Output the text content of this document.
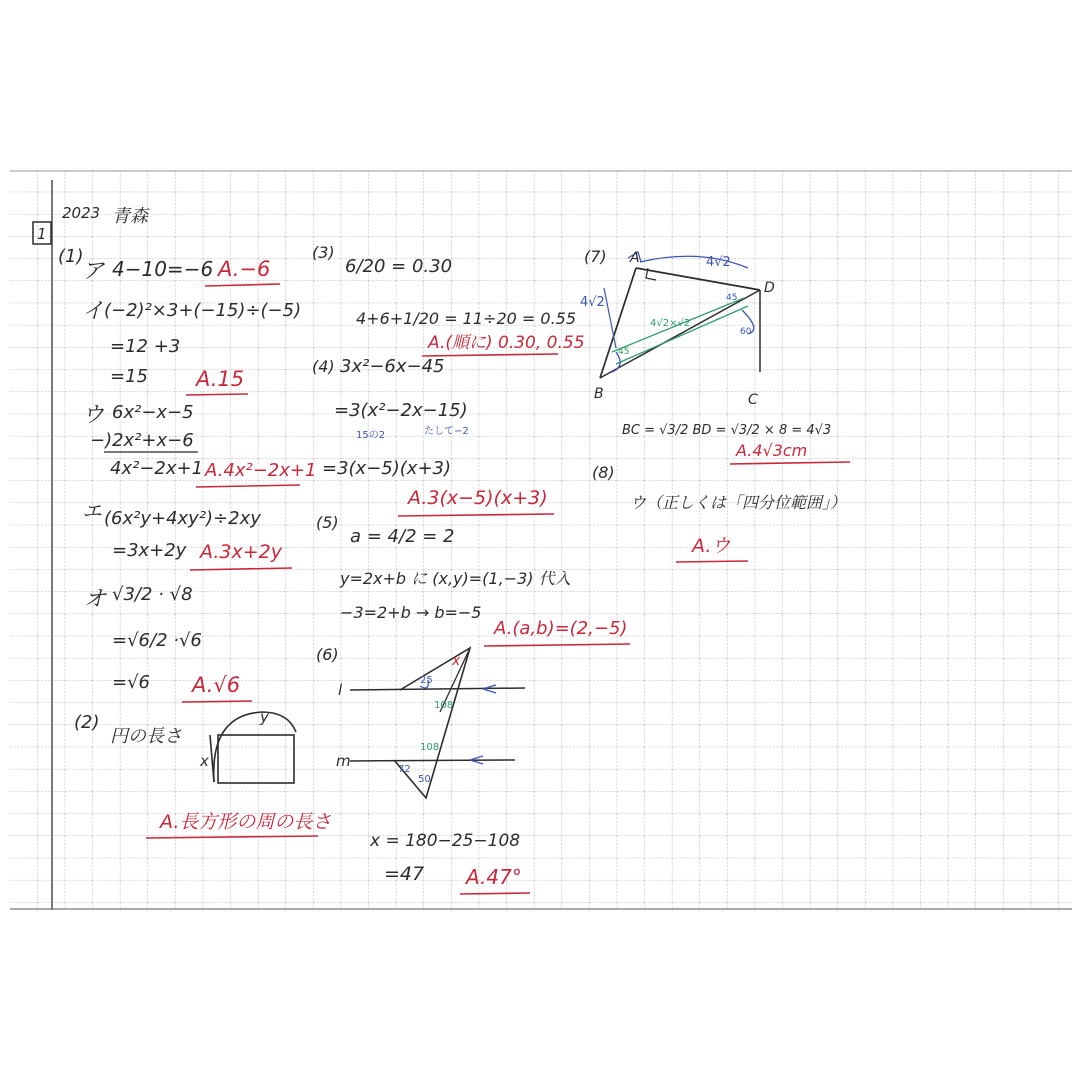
2023 青森
1
(1)
ア 4−10=−6 A.−6
イ (−2)²×3+(−15)÷(−5)
=12 +3
=15 A.15
ウ 6x²−x−5
−)2x²+x−6
4x²−2x+1 A.4x²−2x+1
エ (6x²y+4xy²)÷2xy
=3x+2y A.3x+2y
オ √3/2 · √8
=√6/2 ·√6
=√6 A.√6
(2)
円の長さ
x
y
A.長方形の周の長さ
(3)
6/20 = 0.30
4+6+1/20 = 11÷20 = 0.55
A.(順に) 0.30, 0.55
(4) 3x²−6x−45
=3(x²−2x−15)
15の2	たして−2
=3(x−5)(x+3)
A.3(x−5)(x+3)
(5)
a = 4/2 = 2
y=2x+b に (x,y)=(1,−3) 代入
−3=2+b → b=−5
A.(a,b)=(2,−5)
(6)
l
m
x
25
108
108
72
50
x = 180−25−108
=47 A.47°
(7) A
B	C
D
4√2
4√2
4√2×√2
45
45
60
BC = √3/2 BD = √3/2 × 8 = 4√3
A.4√3cm
(8)
ウ（正しくは「四分位範囲」）
A.ウ
